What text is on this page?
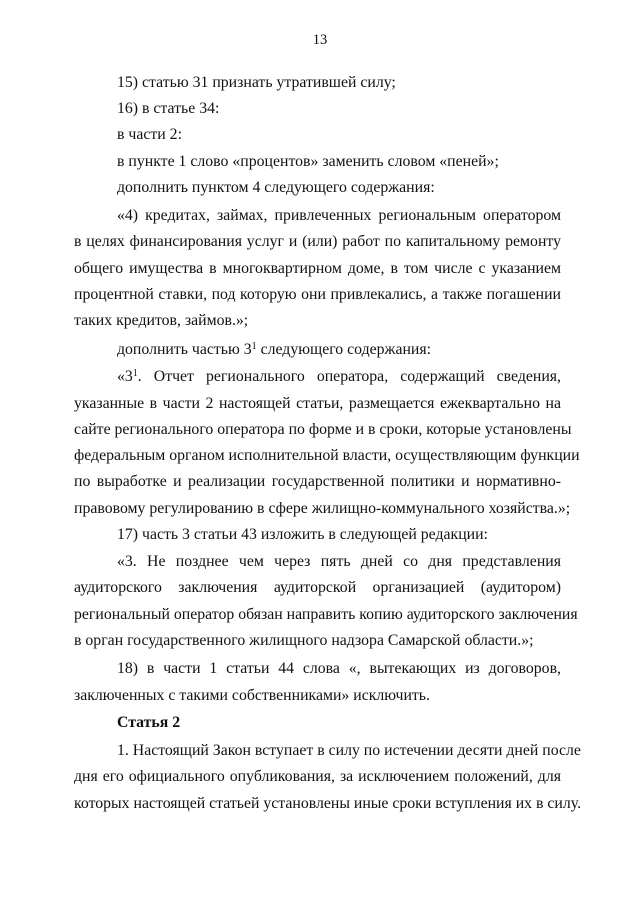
13
15) статью 31 признать утратившей силу;
16) в статье 34:
в части 2:
в пункте 1 слово «процентов» заменить словом «пеней»;
дополнить пунктом 4 следующего содержания:
«4) кредитах, займах, привлеченных региональным оператором
в целях финансирования услуг и (или) работ по капитальному ремонту
общего имущества в многоквартирном доме, в том числе с указанием
процентной ставки, под которую они привлекались, а также погашении
таких кредитов, займов.»;
дополнить частью $3^1$ следующего содержания:
«$3^1$. Отчет регионального оператора, содержащий сведения,
указанные в части 2 настоящей статьи, размещается ежеквартально на
сайте регионального оператора по форме и в сроки, которые установлены
федеральным органом исполнительной власти, осуществляющим функции
по выработке и реализации государственной политики и нормативно-
правовому регулированию в сфере жилищно-коммунального хозяйства.»;
17) часть 3 статьи 43 изложить в следующей редакции:
«3. Не позднее чем через пять дней со дня представления
аудиторского заключения аудиторской организацией (аудитором)
региональный оператор обязан направить копию аудиторского заключения
в орган государственного жилищного надзора Самарской области.»;
18) в части 1 статьи 44 слова «, вытекающих из договоров,
заключенных с такими собственниками» исключить.
Статья 2
1. Настоящий Закон вступает в силу по истечении десяти дней после
дня его официального опубликования, за исключением положений, для
которых настоящей статьей установлены иные сроки вступления их в силу.
